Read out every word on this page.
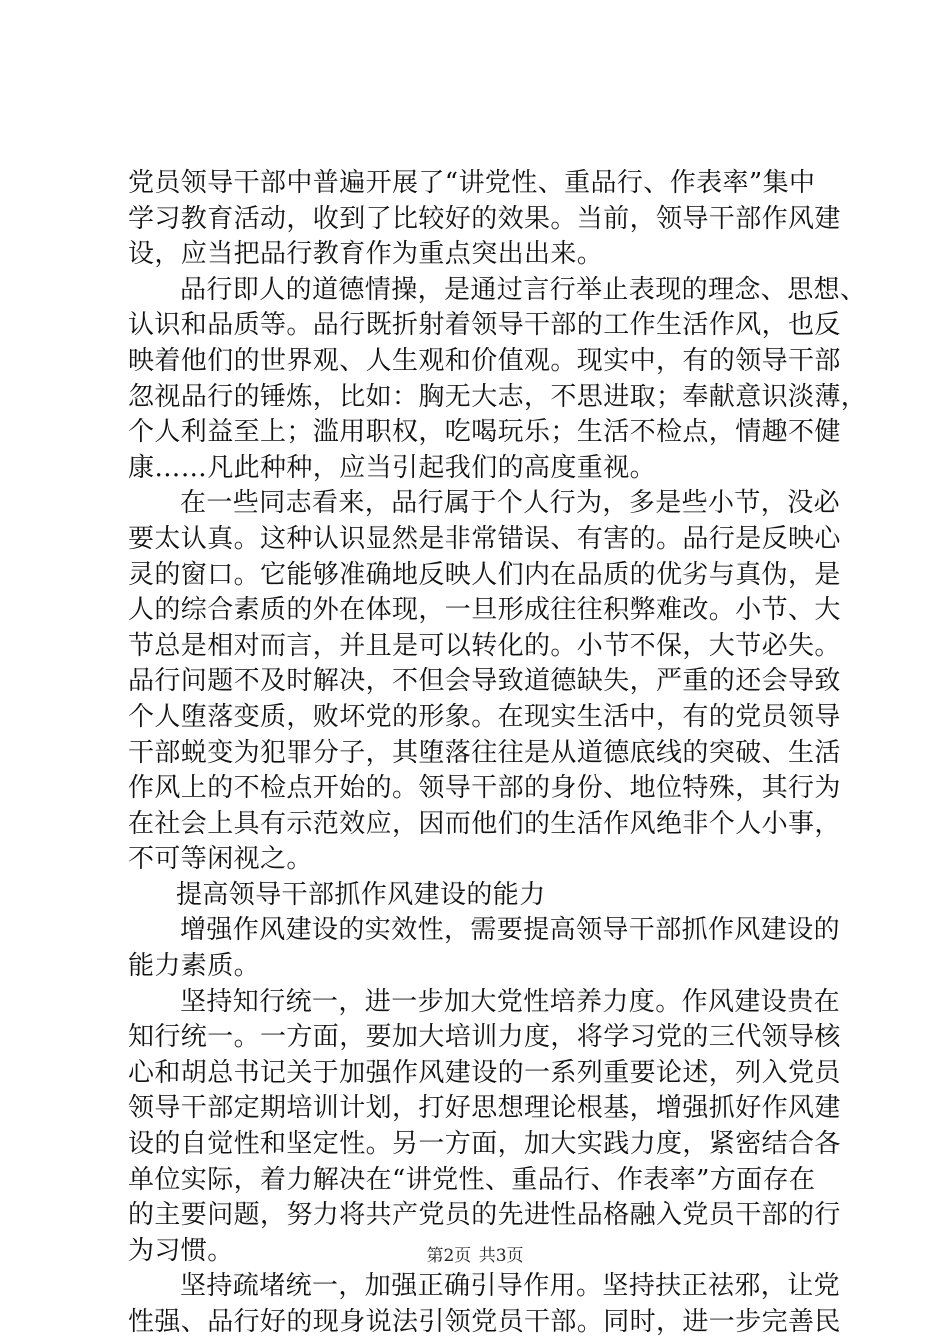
党员领导干部中普遍开展了“讲党性、重品行、作表率”集中
学习教育活动，收到了比较好的效果。当前，领导干部作风建
设，应当把品行教育作为重点突出出来。
品行即人的道德情操，是通过言行举止表现的理念、思想、
认识和品质等。品行既折射着领导干部的工作生活作风，也反
映着他们的世界观、人生观和价值观。现实中，有的领导干部
忽视品行的锤炼，比如：胸无大志，不思进取；奉献意识淡薄，
个人利益至上；滥用职权，吃喝玩乐；生活不检点，情趣不健
康……凡此种种，应当引起我们的高度重视。
在一些同志看来，品行属于个人行为，多是些小节，没必
要太认真。这种认识显然是非常错误、有害的。品行是反映心
灵的窗口。它能够准确地反映人们内在品质的优劣与真伪，是
人的综合素质的外在体现，一旦形成往往积弊难改。小节、大
节总是相对而言，并且是可以转化的。小节不保，大节必失。
品行问题不及时解决，不但会导致道德缺失，严重的还会导致
个人堕落变质，败坏党的形象。在现实生活中，有的党员领导
干部蜕变为犯罪分子，其堕落往往是从道德底线的突破、生活
作风上的不检点开始的。领导干部的身份、地位特殊，其行为
在社会上具有示范效应，因而他们的生活作风绝非个人小事，
不可等闲视之。
提高领导干部抓作风建设的能力
增强作风建设的实效性，需要提高领导干部抓作风建设的
能力素质。
坚持知行统一，进一步加大党性培养力度。作风建设贵在
知行统一。一方面，要加大培训力度，将学习党的三代领导核
心和胡总书记关于加强作风建设的一系列重要论述，列入党员
领导干部定期培训计划，打好思想理论根基，增强抓好作风建
设的自觉性和坚定性。另一方面，加大实践力度，紧密结合各
单位实际，着力解决在“讲党性、重品行、作表率”方面存在
的主要问题，努力将共产党员的先进性品格融入党员干部的行
为习惯。
坚持疏堵统一，加强正确引导作用。坚持扶正祛邪，让党
性强、品行好的现身说法引领党员干部。同时，进一步完善民
第2页 共3页
